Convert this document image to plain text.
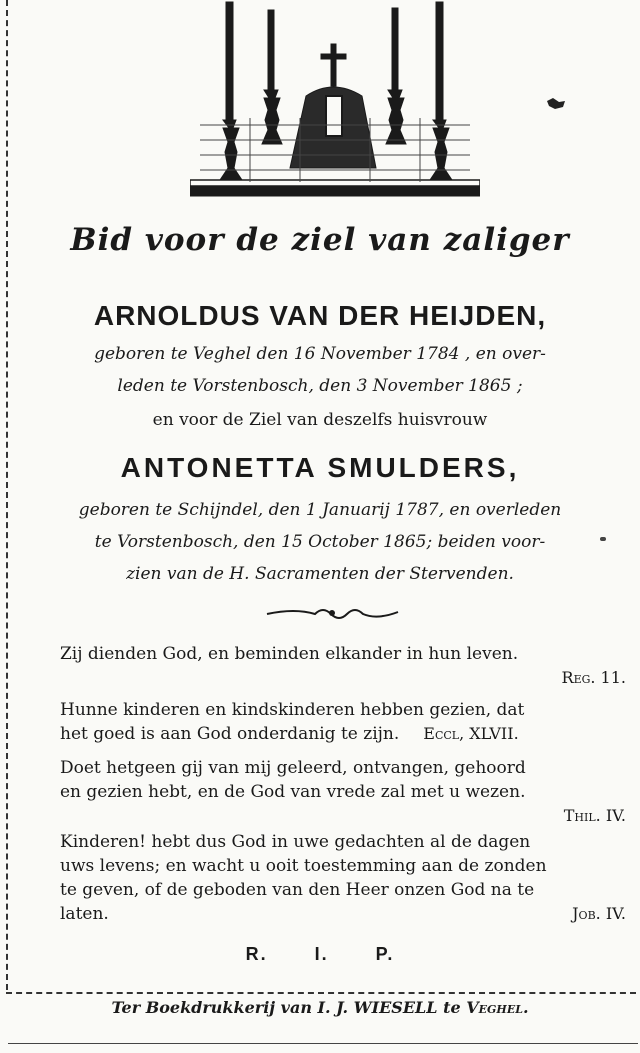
Bid voor de ziel van zaliger
ARNOLDUS VAN DER HEIJDEN,
geboren te Veghel den 16 November 1784 , en over-
leden te Vorstenbosch, den 3 November 1865 ;
en voor de Ziel van deszelfs huisvrouw
ANTONETTA SMULDERS,
geboren te Schijndel, den 1 Januarij 1787, en overleden
te Vorstenbosch, den 15 October 1865; beiden voor-
zien van de H. Sacramenten der Stervenden.
Zij dienden God, en beminden elkander in hun leven.
Reg. 11.
Hunne kinderen en kindskinderen hebben gezien, dat
het goed is aan God onderdanig te zijn. Eccl, XLVII.
Doet hetgeen gij van mij geleerd, ontvangen, gehoord
en gezien hebt, en de God van vrede zal met u wezen.
Thil. IV.
Kinderen! hebt dus God in uwe gedachten al de dagen
uws levens; en wacht u ooit toestemming aan de zonden
te geven, of de geboden van den Heer onzen God na te
laten.	Job. IV.
R.	I.	P.
Ter Boekdrukkerij van I. J. WIESELL te Veghel.
